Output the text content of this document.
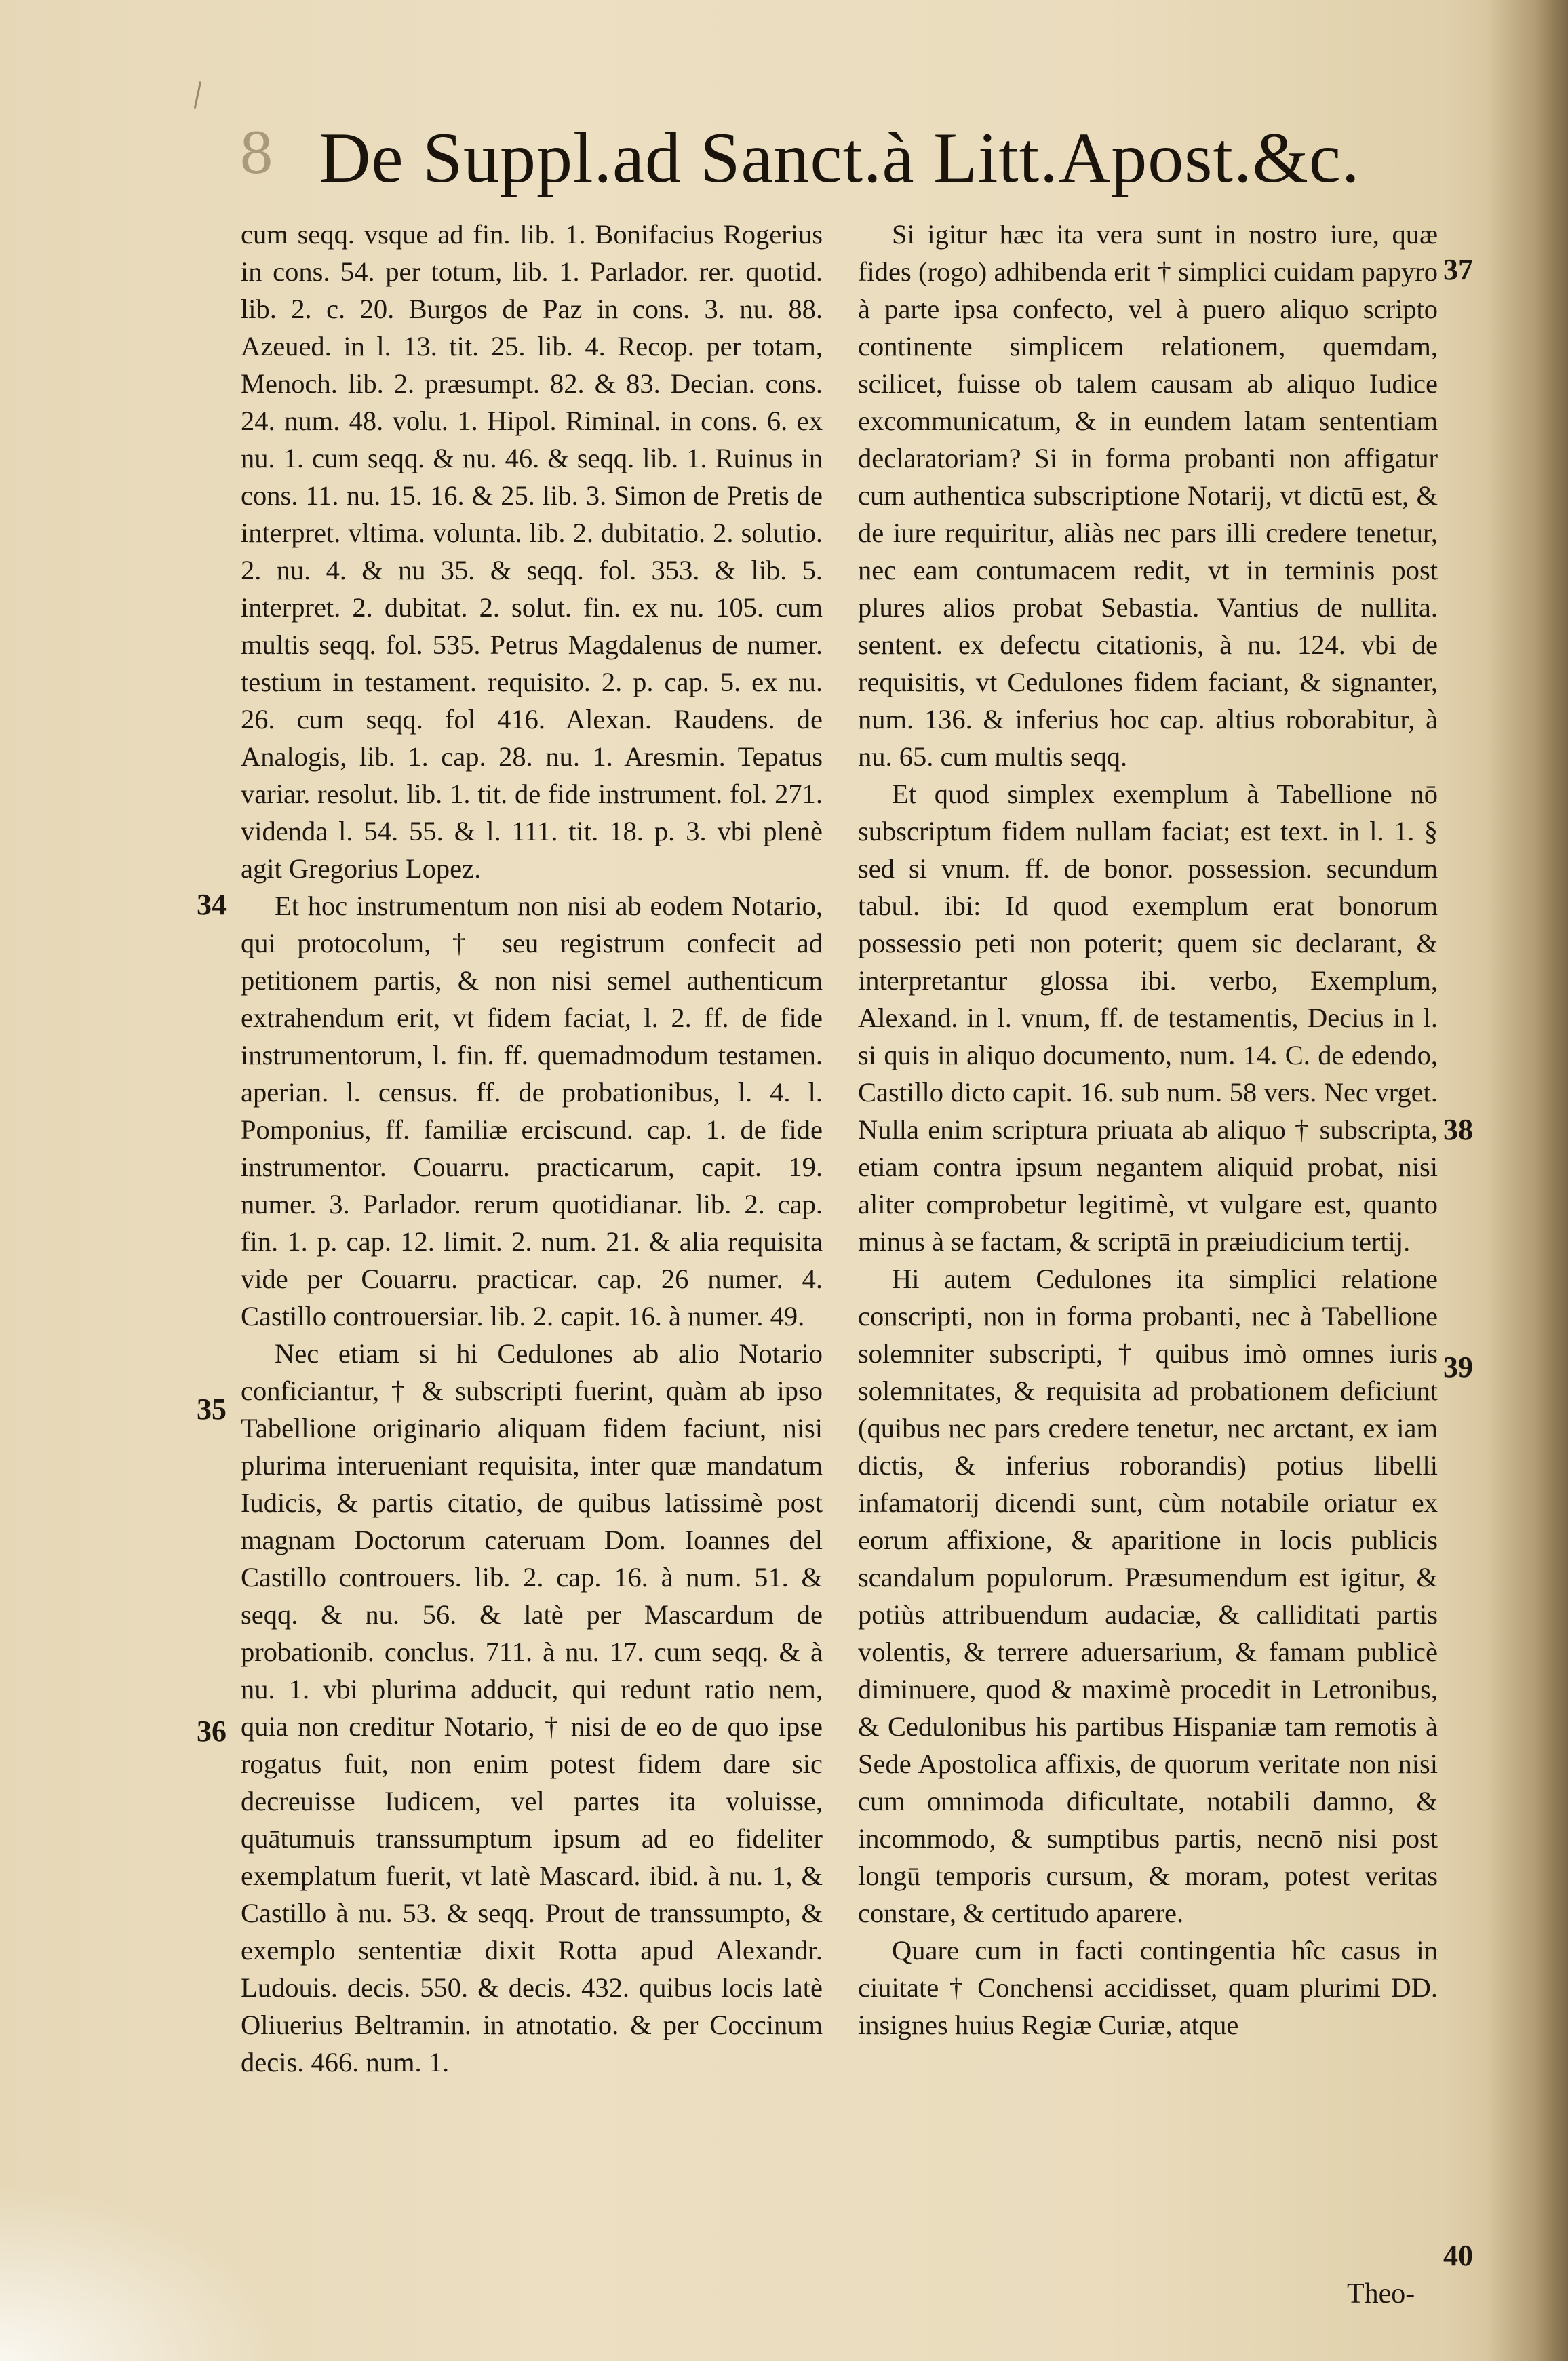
8 De Suppl.ad Sanct.à Litt.Apost.&c.

cum seqq. vsque ad fin. lib. 1. Bonifacius Rogerius in cons. 54. per totum, lib. 1. Parlador. rer. quotid. lib. 2. c. 20. Burgos de Paz in cons. 3. nu. 88. Azeued. in l. 13. tit. 25. lib. 4. Recop. per totam, Menoch. lib. 2. præsumpt. 82. & 83. Decian. cons. 24. num. 48. volu. 1. Hipol. Riminal. in cons. 6. ex nu. 1. cum seqq. & nu. 46. & seqq. lib. 1. Ruinus in cons. 11. nu. 15. 16. & 25. lib. 3. Simon de Pretis de interpret. vltima. volunta. lib. 2. dubitatio. 2. solutio. 2. nu. 4. & nu 35. & seqq. fol. 353. & lib. 5. interpret. 2. dubitat. 2. solut. fin. ex nu. 105. cum multis seqq. fol. 535. Petrus Magdalenus de numer. testium in testament. requisito. 2. p. cap. 5. ex nu. 26. cum seqq. fol 416. Alexan. Raudens. de Analogis, lib. 1. cap. 28. nu. 1. Aresmin. Tepatus variar. resolut. lib. 1. tit. de fide instrument. fol. 271. videnda l. 54. 55. & l. 111. tit. 18. p. 3. vbi plenè agit Gregorius Lopez.

Et hoc instrumentum non nisi ab eodem Notario, qui protocolum, † seu registrum confecit ad petitionem partis, & non nisi semel authenticum extrahendum erit, vt fidem faciat, l. 2. ff. de fide instrumentorum, l. fin. ff. quemadmodum testamen. aperian. l. census. ff. de probationibus, l. 4. l. Pomponius, ff. familiæ erciscund. cap. 1. de fide instrumentor. Couarru. practicarum, capit. 19. numer. 3. Parlador. rerum quotidianar. lib. 2. cap. fin. 1. p. cap. 12. limit. 2. num. 21. & alia requisita vide per Couarru. practicar. cap. 26 numer. 4. Castillo controuersiar. lib. 2. capit. 16. à numer. 49.

Nec etiam si hi Cedulones ab alio Notario conficiantur, † & subscripti fuerint, quàm ab ipso Tabellione originario aliquam fidem faciunt, nisi plurima interueniant requisita, inter quæ mandatum Iudicis, & partis citatio, de quibus latissimè post magnam Doctorum cateruam Dom. Ioannes del Castillo controuers. lib. 2. cap. 16. à num. 51. & seqq. & nu. 56. & latè per Mascardum de probationib. conclus. 711. à nu. 17. cum seqq. & à nu. 1. vbi plurima adducit, qui redunt ratio nem, quia non creditur Notario, † nisi de eo de quo ipse rogatus fuit, non enim potest fidem dare sic decreuisse Iudicem, vel partes ita voluisse, quātumuis transsumptum ipsum ad eo fideliter exemplatum fuerit, vt latè Mascard. ibid. à nu. 1, & Castillo à nu. 53. & seqq. Prout de transsumpto, & exemplo sententiæ dixit Rotta apud Alexandr. Ludouis. decis. 550. & decis. 432. quibus locis latè Oliuerius Beltramin. in atnotatio. & per Coccinum decis. 466. num. 1.

Si igitur hæc ita vera sunt in nostro iure, quæ fides (rogo) adhibenda erit † simplici cuidam papyro à parte ipsa confecto, vel à puero aliquo scripto continente simplicem relationem, quemdam, scilicet, fuisse ob talem causam ab aliquo Iudice excommunicatum, & in eundem latam sententiam declaratoriam? Si in forma probanti non affigatur cum authentica subscriptione Notarij, vt dictū est, & de iure requiritur, aliàs nec pars illi credere tenetur, nec eam contumacem redit, vt in terminis post plures alios probat Sebastia. Vantius de nullita. sentent. ex defectu citationis, à nu. 124. vbi de requisitis, vt Cedulones fidem faciant, & signanter, num. 136. & inferius hoc cap. altius roborabitur, à nu. 65. cum multis seqq.

Et quod simplex exemplum à Tabellione nō subscriptum fidem nullam faciat; est text. in l. 1. § sed si vnum. ff. de bonor. possession. secundum tabul. ibi: Id quod exemplum erat bonorum possessio peti non poterit; quem sic declarant, & interpretantur glossa ibi. verbo, Exemplum, Alexand. in l. vnum, ff. de testamentis, Decius in l. si quis in aliquo documento, num. 14. C. de edendo, Castillo dicto capit. 16. sub num. 58 vers. Nec vrget. Nulla enim scriptura priuata ab aliquo † subscripta, etiam contra ipsum negantem aliquid probat, nisi aliter comprobetur legitimè, vt vulgare est, quanto minus à se factam, & scriptā in præiudicium tertij.

Hi autem Cedulones ita simplici relatione conscripti, non in forma probanti, nec à Tabellione solemniter subscripti, † quibus imò omnes iuris solemnitates, & requisita ad probationem deficiunt (quibus nec pars credere tenetur, nec arctant, ex iam dictis, & inferius roborandis) potius libelli infamatorij dicendi sunt, cùm notabile oriatur ex eorum affixione, & aparitione in locis publicis scandalum populorum. Præsumendum est igitur, & potiùs attribuendum audaciæ, & calliditati partis volentis, & terrere aduersarium, & famam publicè diminuere, quod & maximè procedit in Letronibus, & Cedulonibus his partibus Hispaniæ tam remotis à Sede Apostolica affixis, de quorum veritate non nisi cum omnimoda dificultate, notabili damno, & incommodo, & sumptibus partis, necnō nisi post longū temporis cursum, & moram, potest veritas constare, & certitudo aparere.

Quare cum in facti contingentia hîc casus in ciuitate † Conchensi accidisset, quam plurimi DD. insignes huius Regiæ Curiæ, atque

34
35
36
37
38
39
40
Theo-
